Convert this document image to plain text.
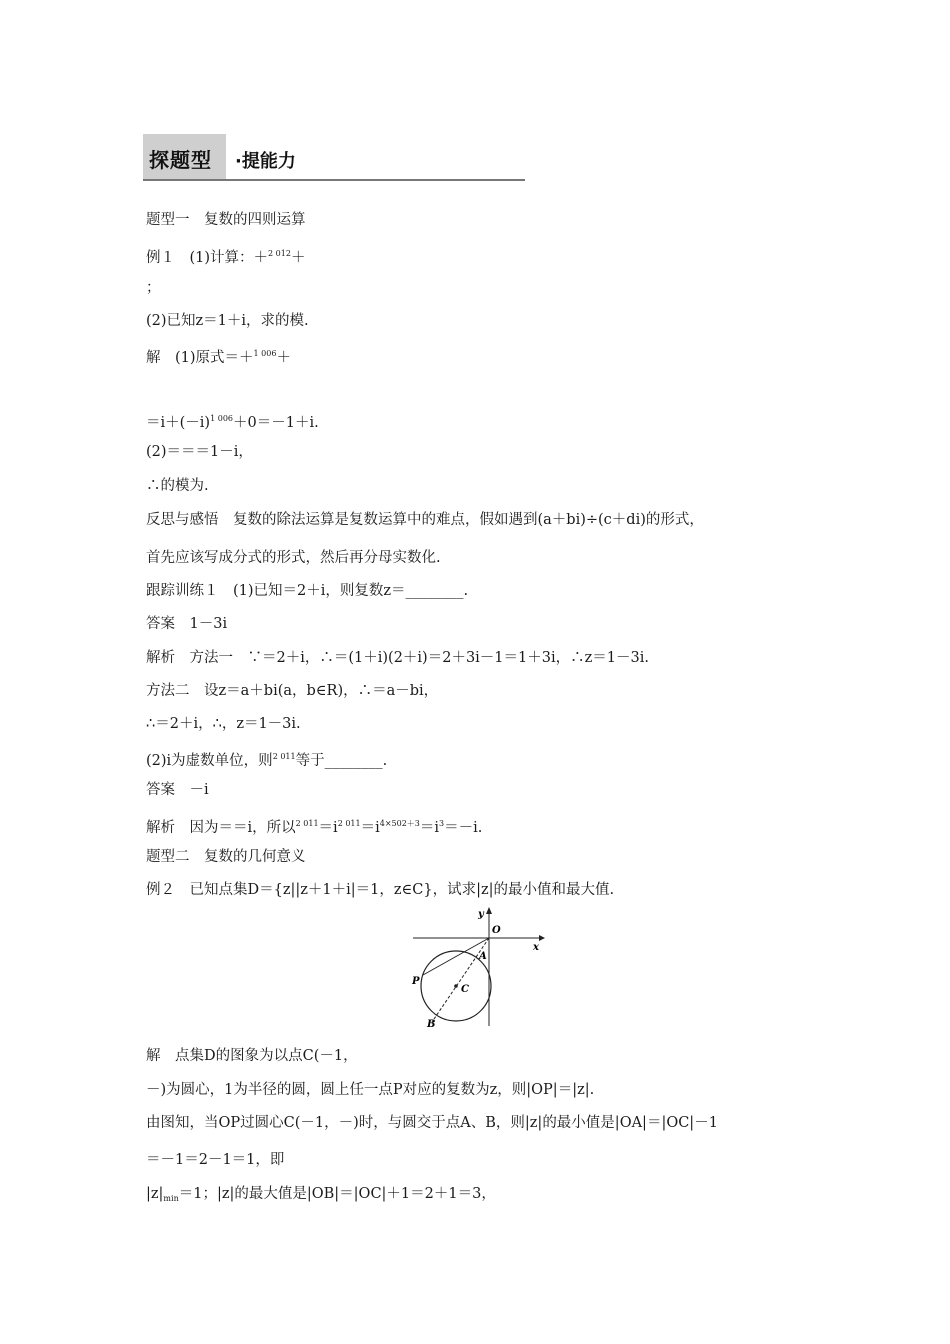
探题型 ·提能力
题型一　复数的四则运算
例１　(1)计算：＋$^{2 012}$＋
；
(2)已知z＝1＋i，求的模.
解　(1)原式＝＋$^{1 006}$＋
$=i+(-i)^{1 006}+0=-1+i$.
(2)＝＝＝1－i，
∴的模为.
反思与感悟　复数的除法运算是复数运算中的难点，假如遇到(a＋bi)÷(c＋di)的形式，
首先应该写成分式的形式，然后再分母实数化.
跟踪训练１　(1)已知＝2＋i，则复数z＝________.
答案　1－3i
解析　方法一　∵＝2＋i，∴＝(1＋i)(2＋i)＝2＋3i－1＝1＋3i，∴z＝1－3i.
方法二　设z＝a＋bi(a，b∈R)，∴＝a－bi，
∴＝2＋i，∴，z＝1－3i.
(2)i为虚数单位，则$^{2 011}$等于________.
答案　－i
解析　因为＝＝i，所以$^{2 011}=i^{2 011}=i^{4\times 502+3}=i^3=-i$.
题型二　复数的几何意义
例２　已知点集D＝{z||z＋1＋i|＝1，z∈C}，试求|z|的最小值和最大值.
解　点集D的图象为以点C(－1，
－)为圆心，1为半径的圆，圆上任一点P对应的复数为z，则|OP|＝|z|.
由图知，当OP过圆心C(－1，－)时，与圆交于点A、B，则|z|的最小值是|OA|＝|OC|－1
＝－1＝2－1＝1，即
$|z|_{min}=1$；|z|的最大值是|OB|＝|OC|＋1＝2＋1＝3，
y
x
O
A
P
C
B
